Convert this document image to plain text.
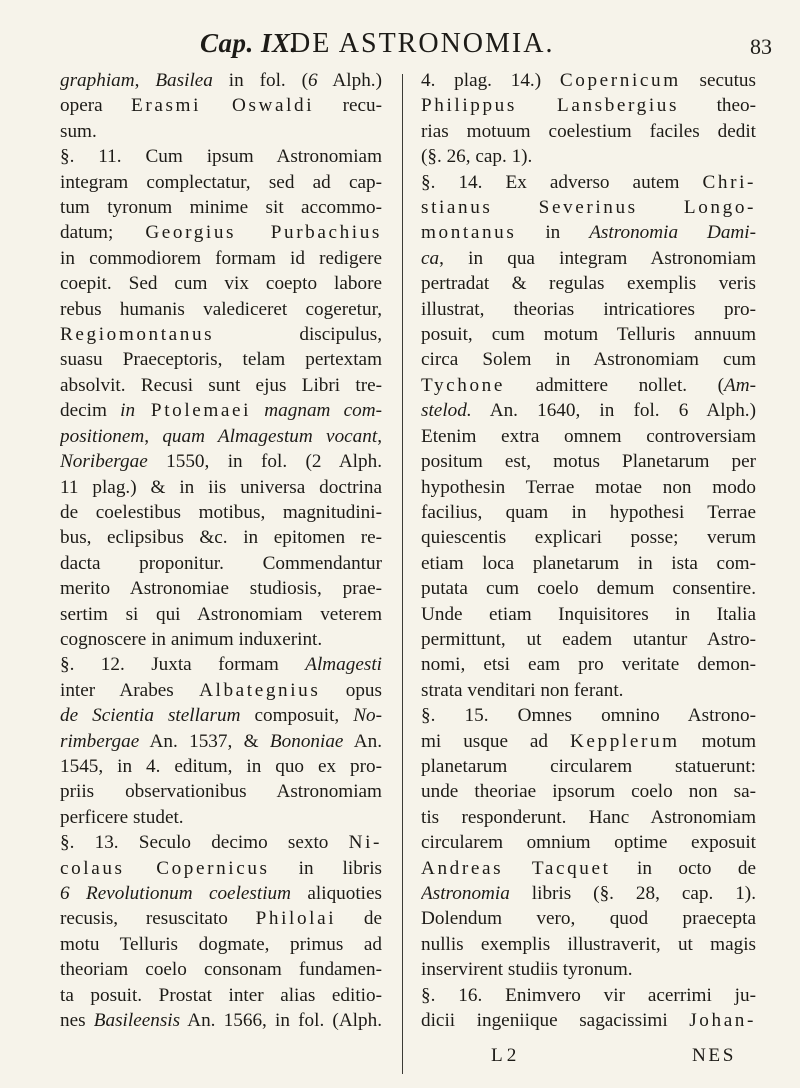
Cap. IX.
DE ASTRONOMIA.	83
graphiam, Basilea in fol. (6 Alph.)
opera Erasmi Oswaldi recu-
sum.
§. 11. Cum ipsum Astronomiam
integram complectatur, sed ad cap-
tum tyronum minime sit accommo-
datum; Georgius Purbachius
in commodiorem formam id redigere
coepit. Sed cum vix coepto labore
rebus humanis valediceret cogeretur,
Regiomontanus discipulus,
suasu Praeceptoris, telam pertextam
absolvit. Recusi sunt ejus Libri tre-
decim in Ptolemaei magnam com-
positionem, quam Almagestum vocant,
Noribergae 1550, in fol. (2 Alph.
11 plag.) & in iis universa doctrina
de coelestibus motibus, magnitudini-
bus, eclipsibus &c. in epitomen re-
dacta proponitur. Commendantur
merito Astronomiae studiosis, prae-
sertim si qui Astronomiam veterem
cognoscere in animum induxerint.
§. 12. Juxta formam Almagesti
inter Arabes Albategnius opus
de Scientia stellarum composuit, No-
rimbergae An. 1537, & Bononiae An.
1545, in 4. editum, in quo ex pro-
priis observationibus Astronomiam
perficere studet.
§. 13. Seculo decimo sexto Ni-
colaus Copernicus in libris
6 Revolutionum coelestium aliquoties
recusis, resuscitato Philolai de
motu Telluris dogmate, primus ad
theoriam coelo consonam fundamen-
ta posuit. Prostat inter alias editio-
nes Basileensis An. 1566, in fol. (Alph.
4. plag. 14.) Copernicum secutus
Philippus Lansbergius theo-
rias motuum coelestium faciles dedit
(§. 26, cap. 1).
§. 14. Ex adverso autem Chri-
stianus Severinus Longo-
montanus in Astronomia Dami-
ca, in qua integram Astronomiam
pertradat & regulas exemplis veris
illustrat, theorias intricatiores pro-
posuit, cum motum Telluris annuum
circa Solem in Astronomiam cum
Tychone admittere nollet. (Am-
stelod. An. 1640, in fol. 6 Alph.)
Etenim extra omnem controversiam
positum est, motus Planetarum per
hypothesin Terrae motae non modo
facilius, quam in hypothesi Terrae
quiescentis explicari posse; verum
etiam loca planetarum in ista com-
putata cum coelo demum consentire.
Unde etiam Inquisitores in Italia
permittunt, ut eadem utantur Astro-
nomi, etsi eam pro veritate demon-
strata venditari non ferant.
§. 15. Omnes omnino Astrono-
mi usque ad Kepplerum motum
planetarum circularem statuerunt:
unde theoriae ipsorum coelo non sa-
tis responderunt. Hanc Astronomiam
circularem omnium optime exposuit
Andreas Tacquet in octo de
Astronomia libris (§. 28, cap. 1).
Dolendum vero, quod praecepta
nullis exemplis illustraverit, ut magis
inservirent studiis tyronum.
§. 16. Enimvero vir acerrimi ju-
dicii ingeniique sagacissimi Johan-
L 2	NES
